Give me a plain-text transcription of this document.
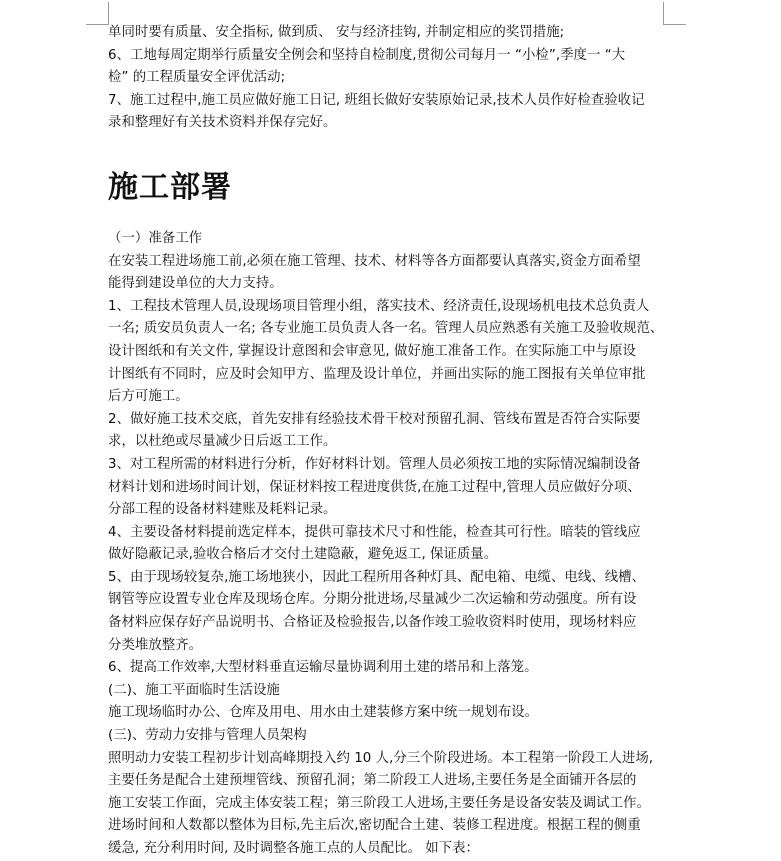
单同时要有质量、安全指标, 做到质、 安与经济挂钩, 并制定相应的奖罚措施;

6、工地每周定期举行质量安全例会和坚持自检制度,贯彻公司每月一 “小检”,季度一 “大

检” 的工程质量安全评优活动;

7、施工过程中,施工员应做好施工日记, 班组长做好安装原始记录,技术人员作好检查验收记

录和整理好有关技术资料并保存完好。

施工部署

（一）准备工作

在安装工程进场施工前,必须在施工管理、技术、材料等各方面都要认真落实,资金方面希望

能得到建设单位的大力支持。

1、工程技术管理人员,设现场项目管理小组，落实技术、经济责任,设现场机电技术总负责人

一名; 质安员负责人一名; 各专业施工员负责人各一名。管理人员应熟悉有关施工及验收规范、

设计图纸和有关文件, 掌握设计意图和会审意见, 做好施工准备工作。在实际施工中与原设

计图纸有不同时，应及时会知甲方、监理及设计单位，并画出实际的施工图报有关单位审批

后方可施工。

2、做好施工技术交底，首先安排有经验技术骨干校对预留孔洞、管线布置是否符合实际要

求，以杜绝或尽量减少日后返工工作。

3、对工程所需的材料进行分析，作好材料计划。管理人员必须按工地的实际情况编制设备

材料计划和进场时间计划，保证材料按工程进度供货,在施工过程中,管理人员应做好分项、

分部工程的设备材料建账及耗料记录。

4、主要设备材料提前选定样本，提供可靠技术尺寸和性能，检查其可行性。暗装的管线应

做好隐蔽记录,验收合格后才交付土建隐蔽，避免返工, 保证质量。

5、由于现场较复杂,施工场地狭小，因此工程所用各种灯具、配电箱、电缆、电线、线槽、

钢管等应设置专业仓库及现场仓库。分期分批进场,尽量减少二次运输和劳动强度。所有设

备材料应保存好产品说明书、合格证及检验报告,以备作竣工验收资料时使用，现场材料应

分类堆放整齐。

6、提高工作效率,大型材料垂直运输尽量协调利用土建的塔吊和上落笼。

(二)、施工平面临时生活设施

施工现场临时办公、仓库及用电、用水由土建装修方案中统一规划布设。

(三)、劳动力安排与管理人员架构

照明动力安装工程初步计划高峰期投入约 10 人,分三个阶段进场。本工程第一阶段工人进场,

主要任务是配合土建预埋管线、预留孔洞；第二阶段工人进场,主要任务是全面铺开各层的

施工安装工作面，完成主体安装工程；第三阶段工人进场,主要任务是设备安装及调试工作。

进场时间和人数都以整体为目标,先主后次,密切配合土建、装修工程进度。根据工程的侧重

缓急, 充分利用时间, 及时调整各施工点的人员配比。 如下表：
